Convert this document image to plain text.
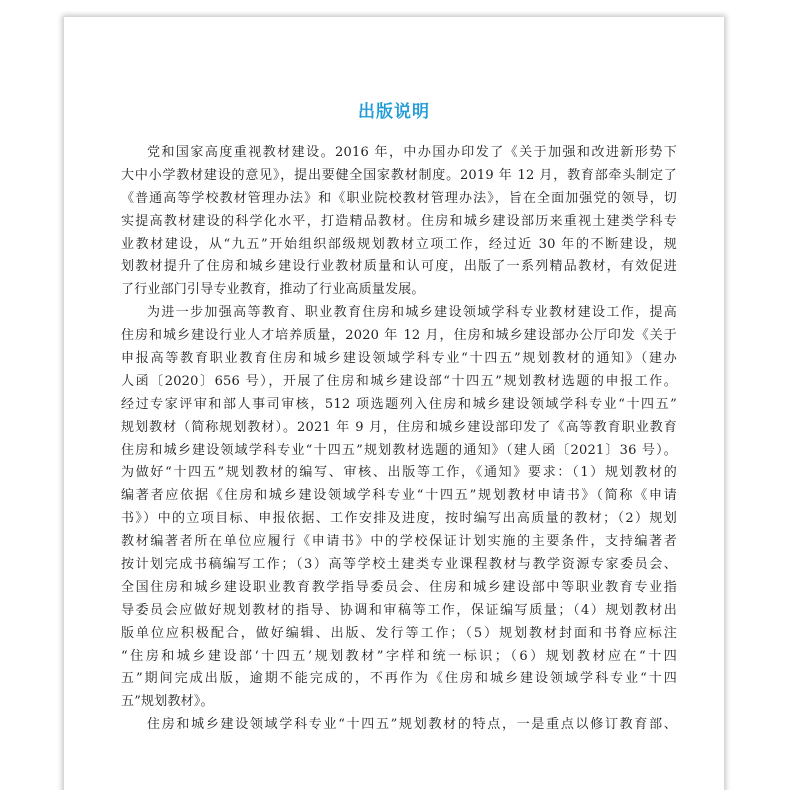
出版说明
党和国家高度重视教材建设。2016 年，中办国办印发了《关于加强和改进新形势下
大中小学教材建设的意见》，提出要健全国家教材制度。2019 年 12 月，教育部牵头制定了
《普通高等学校教材管理办法》和《职业院校教材管理办法》，旨在全面加强党的领导，切
实提高教材建设的科学化水平，打造精品教材。住房和城乡建设部历来重视土建类学科专
业教材建设，从“九五”开始组织部级规划教材立项工作，经过近 30 年的不断建设，规
划教材提升了住房和城乡建设行业教材质量和认可度，出版了一系列精品教材，有效促进
了行业部门引导专业教育，推动了行业高质量发展。
为进一步加强高等教育、职业教育住房和城乡建设领域学科专业教材建设工作，提高
住房和城乡建设行业人才培养质量，2020 年 12 月，住房和城乡建设部办公厅印发《关于
申报高等教育职业教育住房和城乡建设领域学科专业“十四五”规划教材的通知》（建办
人函〔2020〕656 号），开展了住房和城乡建设部“十四五”规划教材选题的申报工作。
经过专家评审和部人事司审核，512 项选题列入住房和城乡建设领域学科专业“十四五”
规划教材（简称规划教材）。2021 年 9 月，住房和城乡建设部印发了《高等教育职业教育
住房和城乡建设领域学科专业“十四五”规划教材选题的通知》（建人函〔2021〕36 号）。
为做好“十四五”规划教材的编写、审核、出版等工作，《通知》要求：（1）规划教材的
编著者应依据《住房和城乡建设领域学科专业“十四五”规划教材申请书》（简称《申请
书》）中的立项目标、申报依据、工作安排及进度，按时编写出高质量的教材；（2）规划
教材编著者所在单位应履行《申请书》中的学校保证计划实施的主要条件，支持编著者
按计划完成书稿编写工作；（3）高等学校土建类专业课程教材与教学资源专家委员会、
全国住房和城乡建设职业教育教学指导委员会、住房和城乡建设部中等职业教育专业指
导委员会应做好规划教材的指导、协调和审稿等工作，保证编写质量；（4）规划教材出
版单位应积极配合，做好编辑、出版、发行等工作；（5）规划教材封面和书脊应标注
“住房和城乡建设部‘十四五’规划教材”字样和统一标识；（6）规划教材应在“十四
五”期间完成出版，逾期不能完成的，不再作为《住房和城乡建设领域学科专业“十四
五”规划教材》。
住房和城乡建设领域学科专业“十四五”规划教材的特点，一是重点以修订教育部、
